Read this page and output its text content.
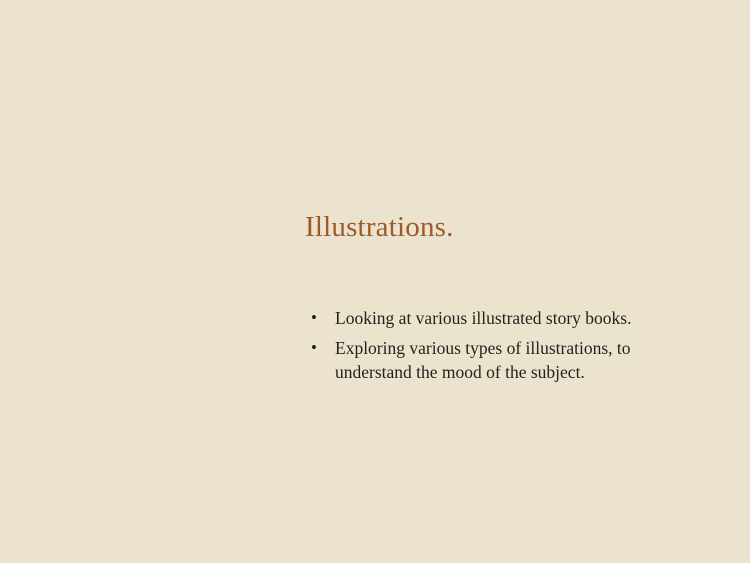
Illustrations.
• Looking at various illustrated story books.
• Exploring various types of illustrations, to understand the mood of the subject.
